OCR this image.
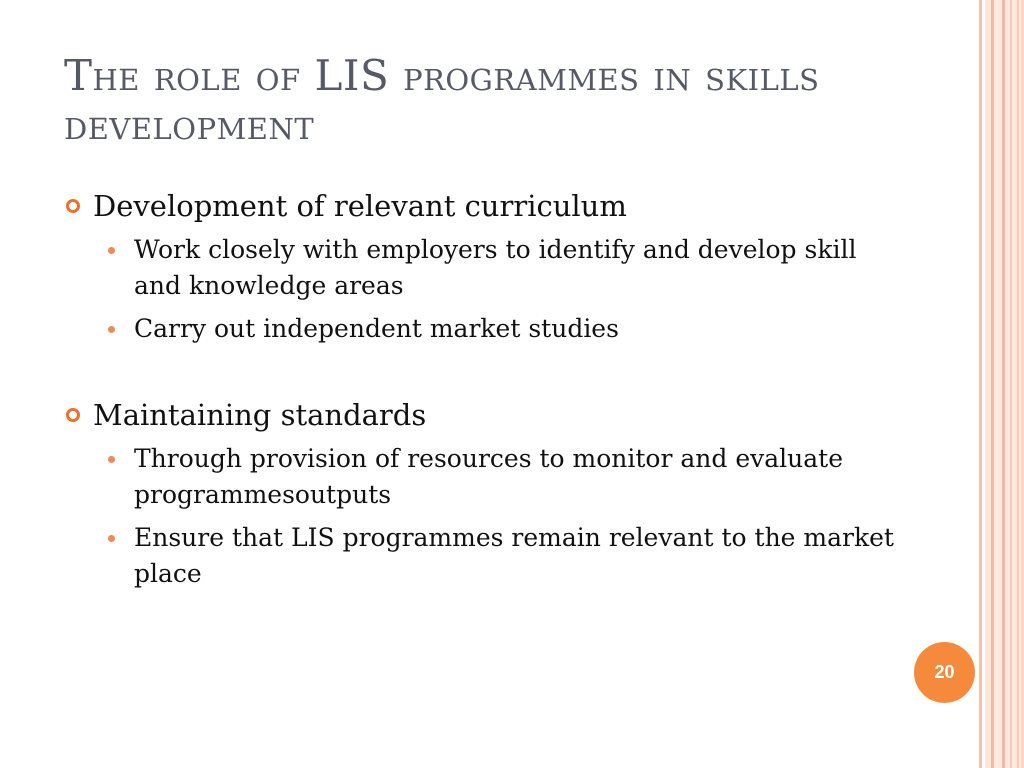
The role of LIS programmes in skills development

Development of relevant curriculum

Work closely with employers to identify and develop skill and knowledge areas

Carry out independent market studies

Maintaining standards

Through provision of resources to monitor and evaluate programmesoutputs

Ensure that LIS programmes remain relevant to the market place

20
